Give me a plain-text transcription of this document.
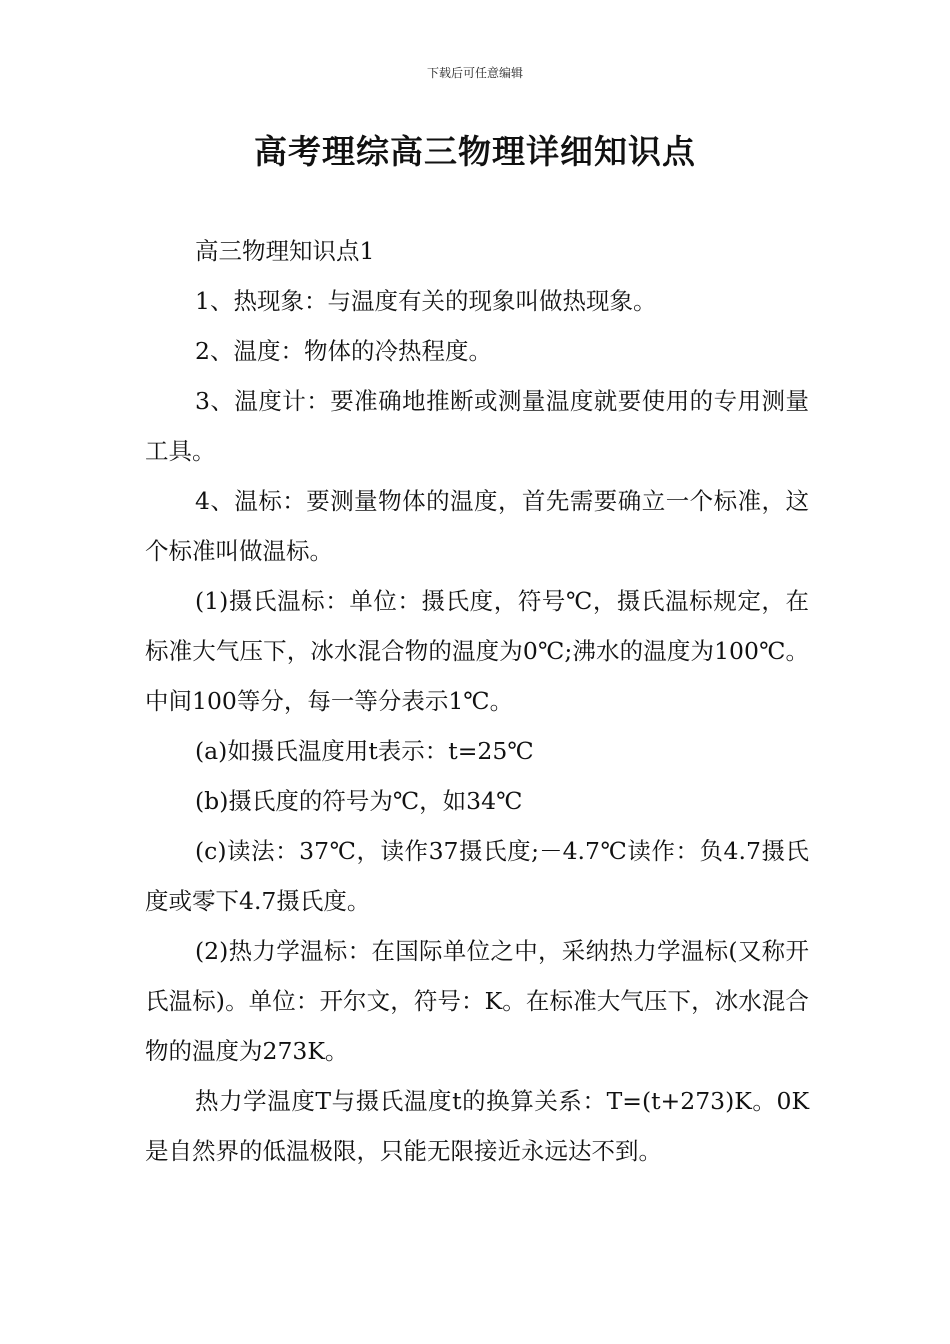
下载后可任意编辑
高考理综高三物理详细知识点

高三物理知识点1

1、热现象：与温度有关的现象叫做热现象。

2、温度：物体的冷热程度。

3、温度计：要准确地推断或测量温度就要使用的专用测量工具。

4、温标：要测量物体的温度，首先需要确立一个标准，这个标准叫做温标。

(1)摄氏温标：单位：摄氏度，符号℃，摄氏温标规定，在标准大气压下，冰水混合物的温度为0℃;沸水的温度为100℃。中间100等分，每一等分表示1℃。

(a)如摄氏温度用t表示：t=25℃

(b)摄氏度的符号为℃，如34℃

(c)读法：37℃，读作37摄氏度;－4.7℃读作：负4.7摄氏度或零下4.7摄氏度。

(2)热力学温标：在国际单位之中，采纳热力学温标(又称开氏温标)。单位：开尔文，符号：K。在标准大气压下，冰水混合物的温度为273K。

热力学温度T与摄氏温度t的换算关系：T=(t+273)K。0K是自然界的低温极限，只能无限接近永远达不到。
